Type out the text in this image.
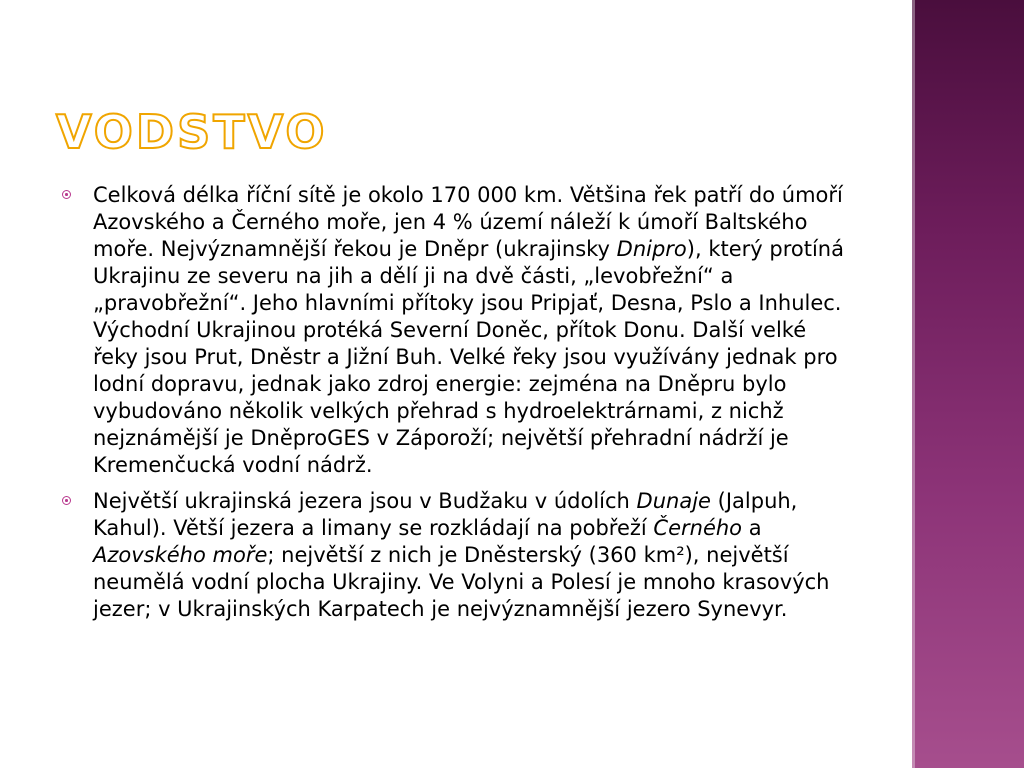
VODSTVO
Celková délka říční sítě je okolo 170 000 km. Většina řek patří do úmoří Azovského a Černého moře, jen 4 % území náleží k úmoří Baltského moře. Nejvýznamnější řekou je Dněpr (ukrajinsky Dnipro), který protíná Ukrajinu ze severu na jih a dělí ji na dvě části, „levobřežní“ a „pravobřežní“. Jeho hlavními přítoky jsou Pripjať, Desna, Pslo a Inhulec. Východní Ukrajinou protéká Severní Doněc, přítok Donu. Další velké řeky jsou Prut, Dněstr a Jižní Buh. Velké řeky jsou využívány jednak pro lodní dopravu, jednak jako zdroj energie: zejména na Dněpru bylo vybudováno několik velkých přehrad s hydroelektrárnami, z nichž nejznámější je DněproGES v Záporoží; největší přehradní nádrží je Kremenčucká vodní nádrž.
Největší ukrajinská jezera jsou v Budžaku v údolích Dunaje (Jalpuh, Kahul). Větší jezera a limany se rozkládají na pobřeží Černého a Azovského moře; největší z nich je Dněsterský (360 km²), největší neumělá vodní plocha Ukrajiny. Ve Volyni a Polesí je mnoho krasových jezer; v Ukrajinských Karpatech je nejvýznamnější jezero Synevyr.
